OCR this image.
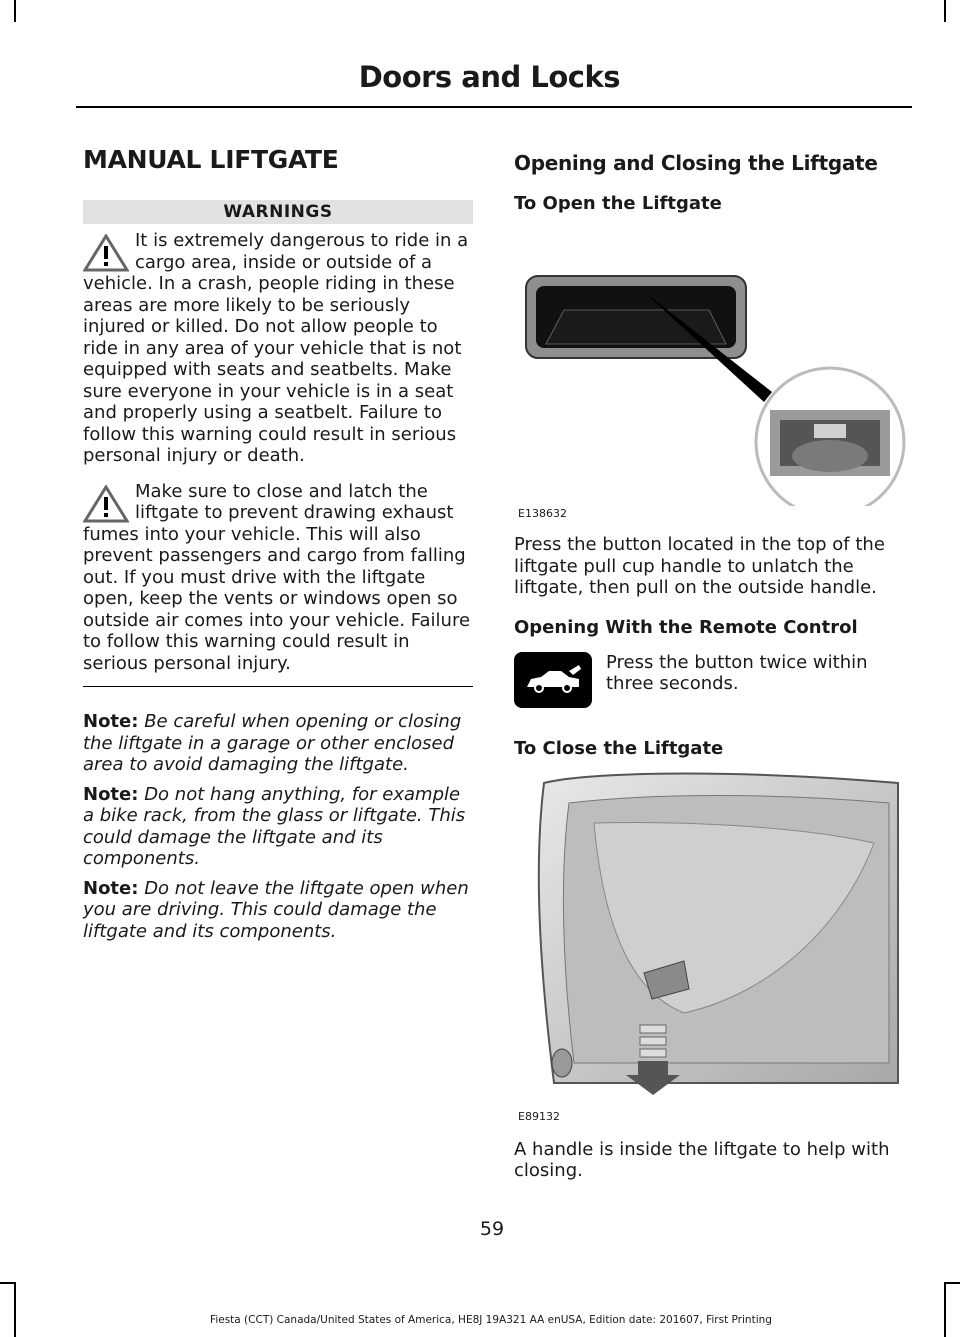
Doors and Locks
MANUAL LIFTGATE
WARNINGS
It is extremely dangerous to ride in a cargo area, inside or outside of a vehicle. In a crash, people riding in these areas are more likely to be seriously injured or killed. Do not allow people to ride in any area of your vehicle that is not equipped with seats and seatbelts. Make sure everyone in your vehicle is in a seat and properly using a seatbelt. Failure to follow this warning could result in serious personal injury or death.
Make sure to close and latch the liftgate to prevent drawing exhaust fumes into your vehicle. This will also prevent passengers and cargo from falling out. If you must drive with the liftgate open, keep the vents or windows open so outside air comes into your vehicle. Failure to follow this warning could result in serious personal injury.

Note: Be careful when opening or closing the liftgate in a garage or other enclosed area to avoid damaging the liftgate.

Note: Do not hang anything, for example a bike rack, from the glass or liftgate. This could damage the liftgate and its components.

Note: Do not leave the liftgate open when you are driving. This could damage the liftgate and its components.

Opening and Closing the Liftgate
To Open the Liftgate
E138632

Press the button located in the top of the liftgate pull cup handle to unlatch the liftgate, then pull on the outside handle.

Opening With the Remote Control
Press the button twice within three seconds.
To Close the Liftgate
E89132

A handle is inside the liftgate to help with closing.

59
Fiesta (CCT) Canada/United States of America, HE8J 19A321 AA enUSA, Edition date: 201607, First Printing
